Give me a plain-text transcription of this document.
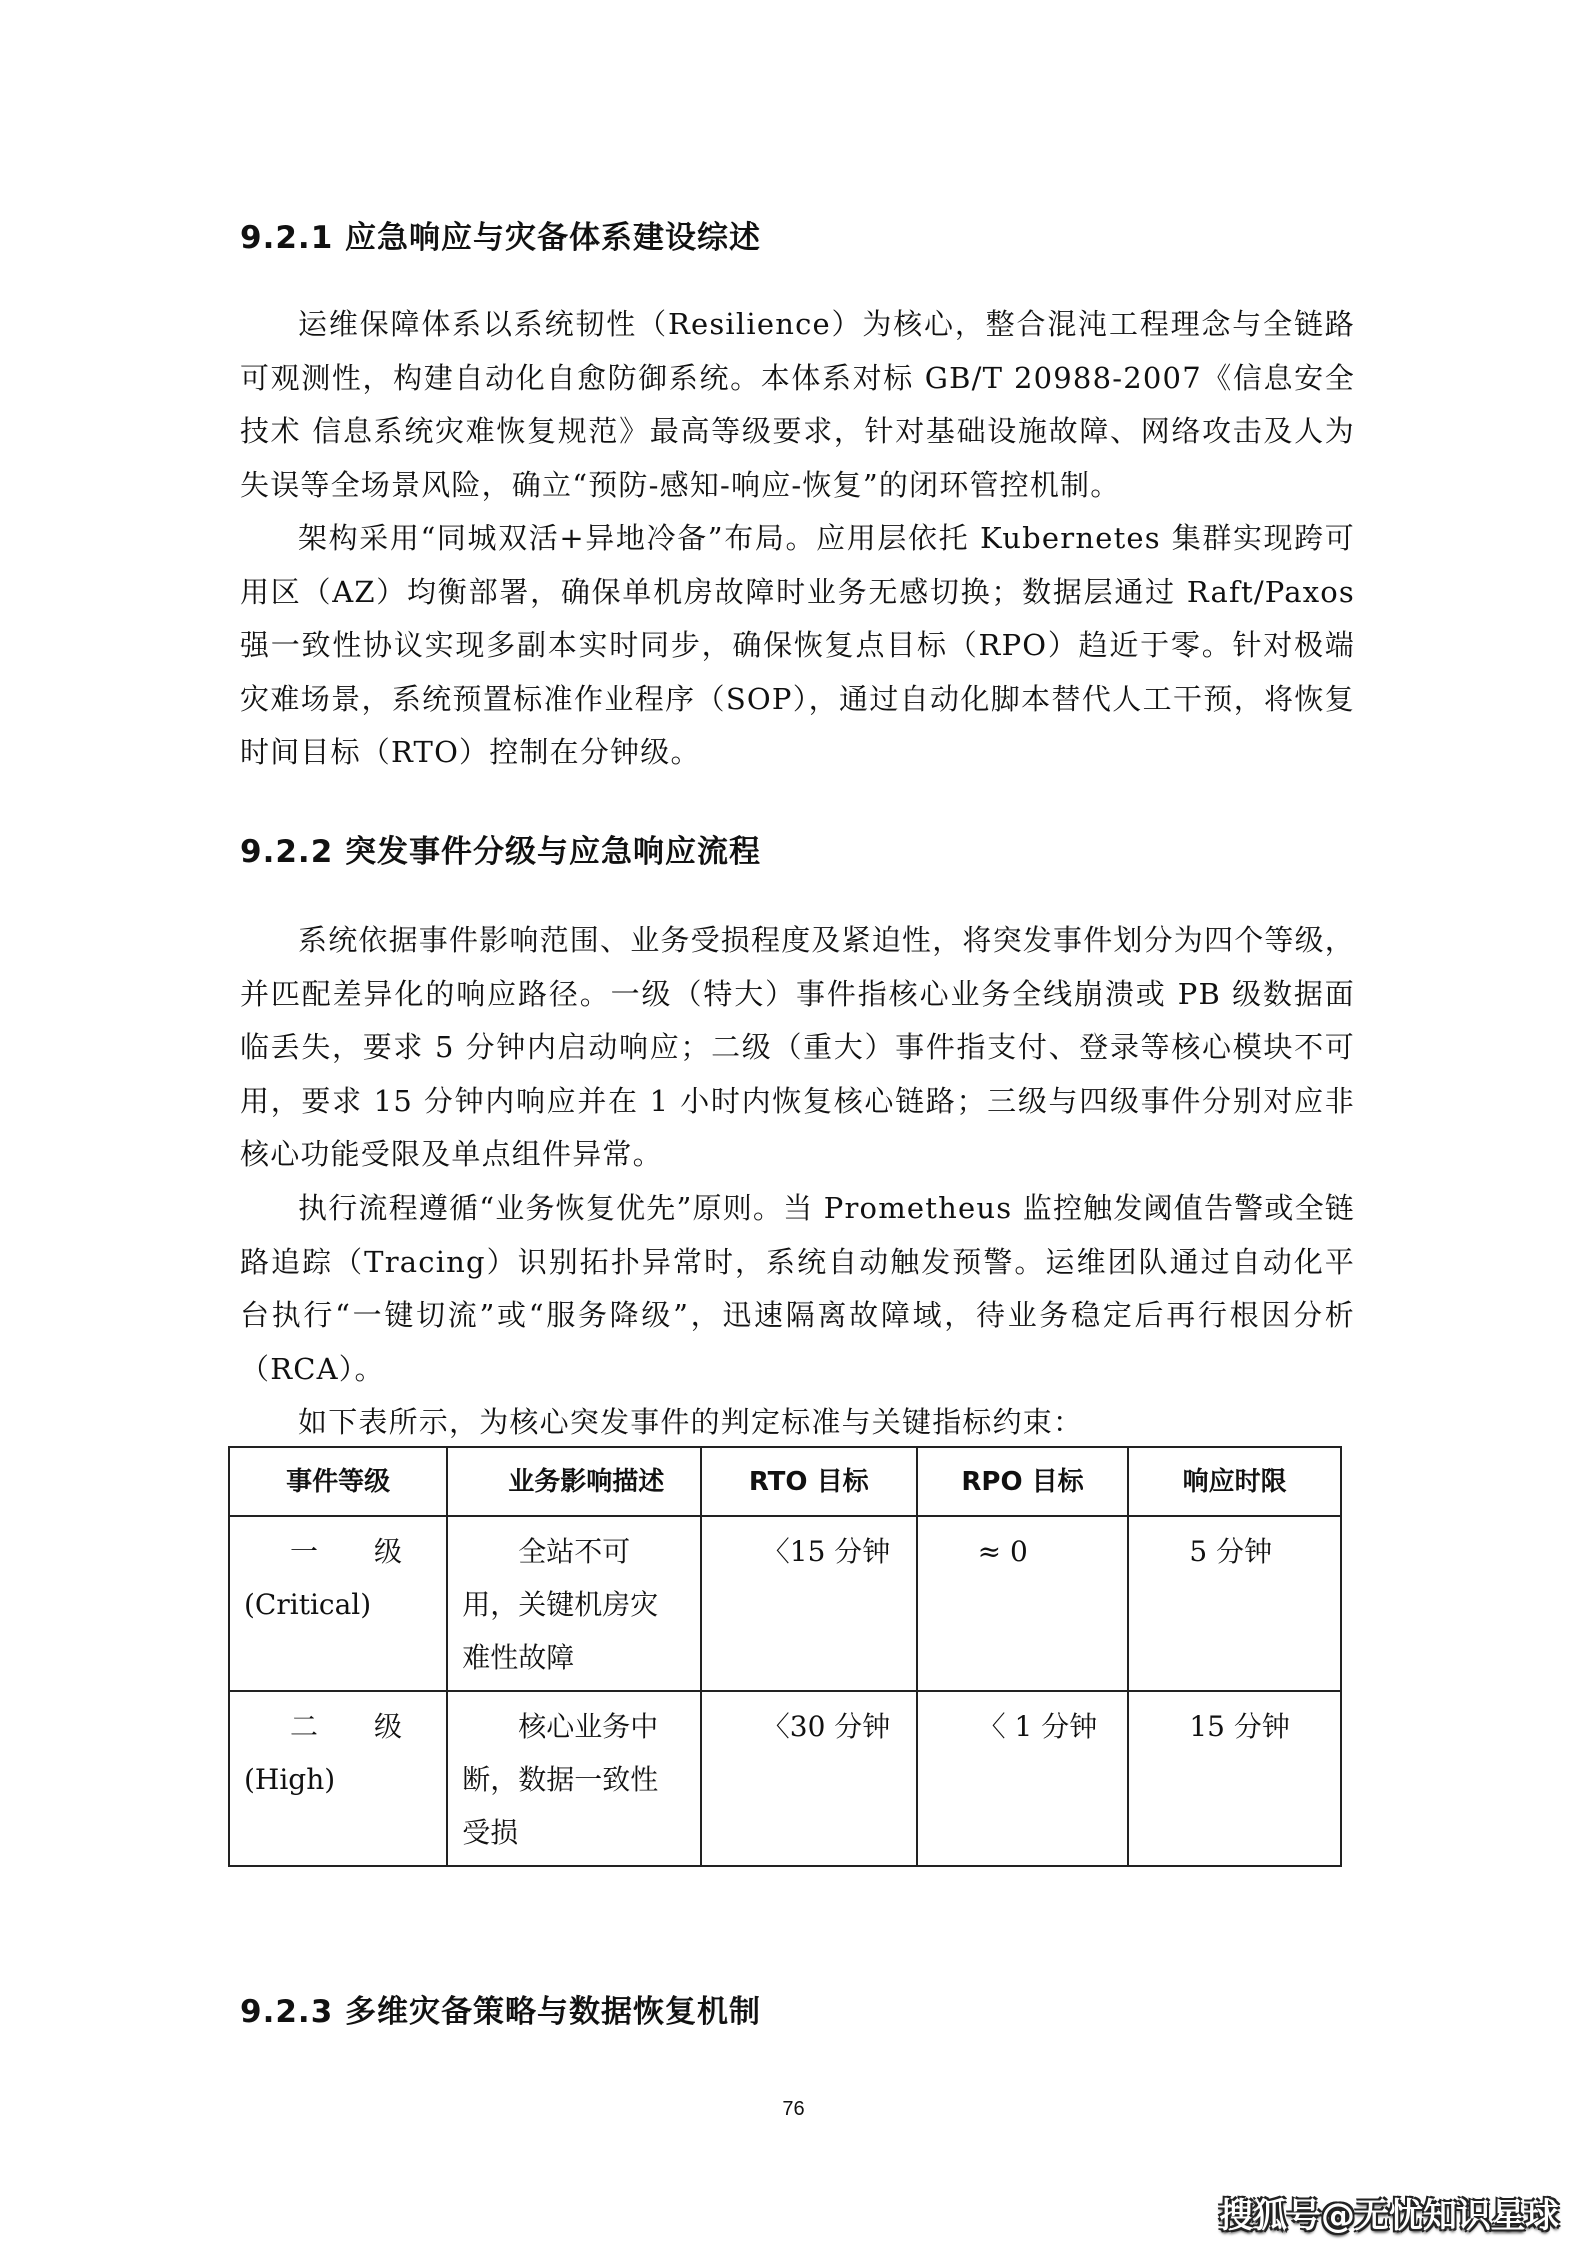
9.2.1 应急响应与灾备体系建设综述

运维保障体系以系统韧性（Resilience）为核心，整合混沌工程理念与全链路可观测性，构建自动化自愈防御系统。本体系对标 GB/T 20988-2007《信息安全技术 信息系统灾难恢复规范》最高等级要求，针对基础设施故障、网络攻击及人为失误等全场景风险，确立“预防-感知-响应-恢复”的闭环管控机制。

架构采用“同城双活+异地冷备”布局。应用层依托 Kubernetes 集群实现跨可用区（AZ）均衡部署，确保单机房故障时业务无感切换；数据层通过 Raft/Paxos 强一致性协议实现多副本实时同步，确保恢复点目标（RPO）趋近于零。针对极端灾难场景，系统预置标准作业程序（SOP），通过自动化脚本替代人工干预，将恢复时间目标（RTO）控制在分钟级。

9.2.2 突发事件分级与应急响应流程

系统依据事件影响范围、业务受损程度及紧迫性，将突发事件划分为四个等级，并匹配差异化的响应路径。一级（特大）事件指核心业务全线崩溃或 PB 级数据面临丢失，要求 5 分钟内启动响应；二级（重大）事件指支付、登录等核心模块不可用，要求 15 分钟内响应并在 1 小时内恢复核心链路；三级与四级事件分别对应非核心功能受限及单点组件异常。

执行流程遵循“业务恢复优先”原则。当 Prometheus 监控触发阈值告警或全链路追踪（Tracing）识别拓扑异常时，系统自动触发预警。运维团队通过自动化平台执行“一键切流”或“服务降级”，迅速隔离故障域，待业务稳定后再行根因分析（RCA）。

如下表所示，为核心突发事件的判定标准与关键指标约束：

事件等级	业务影响描述	RTO 目标	RPO 目标	响应时限

一　　级
(Critical)	全站不可用，关键机房灾难性故障	〈15 分钟	≈ 0	5 分钟

二　　级
(High)	核心业务中断，数据一致性受损	〈30 分钟	〈 1 分钟	15 分钟
9.2.3 多维灾备策略与数据恢复机制
76
搜狐号@无忧知识星球
